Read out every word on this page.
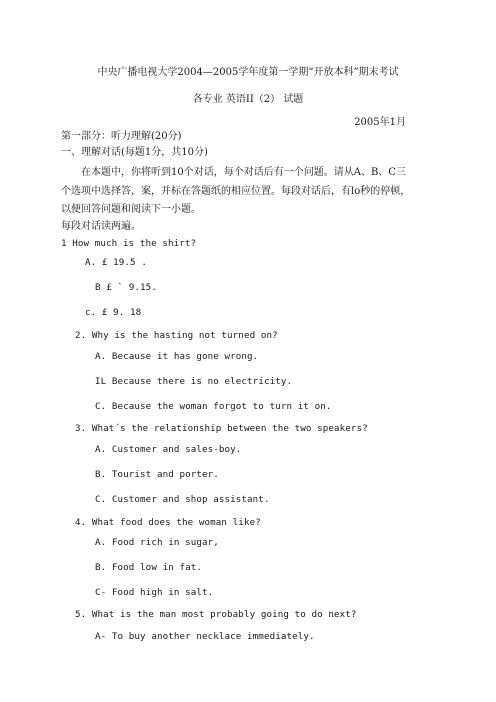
中央广播电视大学2004—2005学年度第一学期“开放本科”期末考试
各专业 英语II（2） 试题
2005年1月
第一部分：听力理解(20分)
一、理解对话(每题1分，共10分)
在本题中，你将听到10个对话，每个对话后有一个问题。请从A、B、C三
个选项中选择答，案，并标在答题纸的相应位置。每段对话后，有lo秒的停顿，
以便回答问题和阅读下一小题。
每段对话读两遍。
1 How much is the shirt?
A. £ 19.5 .
B £ ` 9.15.
c. £ 9. 18
2. Why is the hasting not turned on?
A. Because it has gone wrong.
IL Because there is no electricity.
C. Because the woman forgot to turn it on.
3. What´s the relationship between the two speakers?
A. Customer and sales-boy.
B. Tourist and porter.
C. Customer and shop assistant.
4. What food does the woman like?
A. Food rich in sugar,
B. Food low in fat.
C- Food high in salt.
5. What is the man most probably going to do next?
A- To buy another necklace immediately.
